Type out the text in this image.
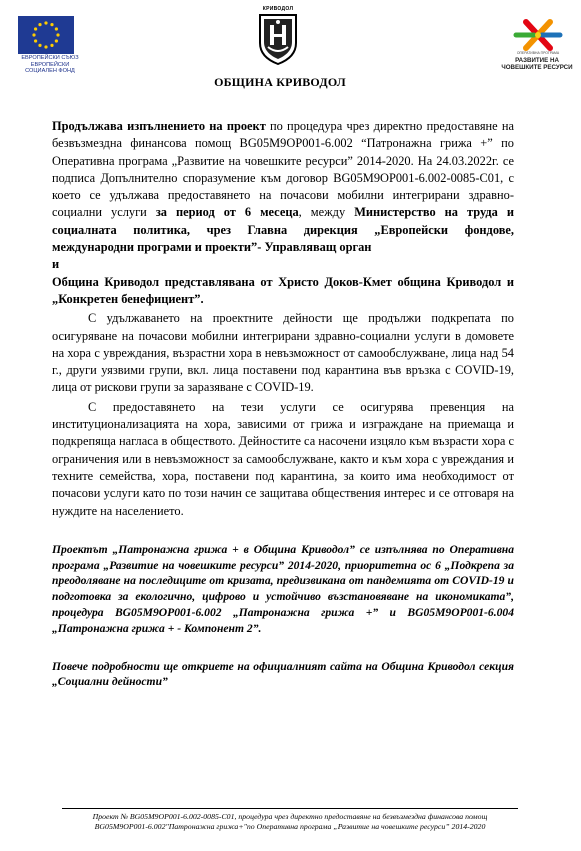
ЕВРОПЕЙСКИ СЪЮЗ
ЕВРОПЕЙСКИ
СОЦИАЛЕН ФОНД
КРИВОДОЛ
ОБЩИНА КРИВОДОЛ
ОПЕРАТИВНА ПРОГРАМА
РАЗВИТИЕ НА
ЧОВЕШКИТЕ РЕСУРСИ

Продължава изпълнението на проект по процедура чрез директно предоставяне на безвъзмездна финансова помощ BG05M9OP001-6.002 “Патронажна грижа +” по Оперативна програма „Развитие на човешките ресурси” 2014-2020. На 24.03.2022г. се подписа Допълнително споразумение към договор BG05M9OP001-6.002-0085-C01, с което се удължава предоставянето на почасови мобилни интегрирани здравно-социални услуги за период от 6 месеца, между Министерство на труда и социалната политика, чрез Главна дирекция „Европейски фондове, международни програми и проекти”- Управляващ орган

и

Община Криводол представлявана от Христо Доков-Кмет община Криводол и „Конкретен бенефициент”.

С удължаването на проектните дейности ще продължи подкрепата по осигуряване на почасови мобилни интегрирани здравно-социални услуги в домовете на хора с увреждания, възрастни хора в невъзможност от самообслужване, лица над 54 г., други уязвими групи, вкл. лица поставени под карантина във връзка с COVID-19, лица от рискови групи за заразяване с COVID-19.

С предоставянето на тези услуги се осигурява превенция на институционализацията на хора, зависими от грижа и изграждане на приемаща и подкрепяща нагласа в обществото. Дейностите са насочени изцяло към възрасти хора с ограничения или в невъзможност за самообслужване, както и към хора с увреждания и техните семейства, хора, поставени под карантина, за които има необходимост от почасови услуги като по този начин се защитава обществения интерес и се отговаря на нуждите на населението.

Проектът „Патронажна грижа + в Община Криводол” се изпълнява по Оперативна програма „Развитие на човешките ресурси” 2014-2020, приоритетна ос 6 „Подкрепа за преодоляване на последиците от кризата, предизвикана от пандемията от COVID-19 и подготовка за екологично, цифрово и устойчиво възстановяване на икономиката”, процедура BG05M9OP001-6.002 „Патронажна грижа +” и BG05M9OP001-6.004 „Патронажна грижа + - Компонент 2”.

Повече подробности ще откриете на официалният сайта на Община Криводол секция „Социални дейности”

Проект № BG05M9OP001-6.002-0085-C01, процедура чрез директно предоставяне на безвъзмездна финансова помощ
BG05M9OP001-6.002"Патронажна грижа+"по Оперативна програма „Развитие на човешките ресурси” 2014-2020
